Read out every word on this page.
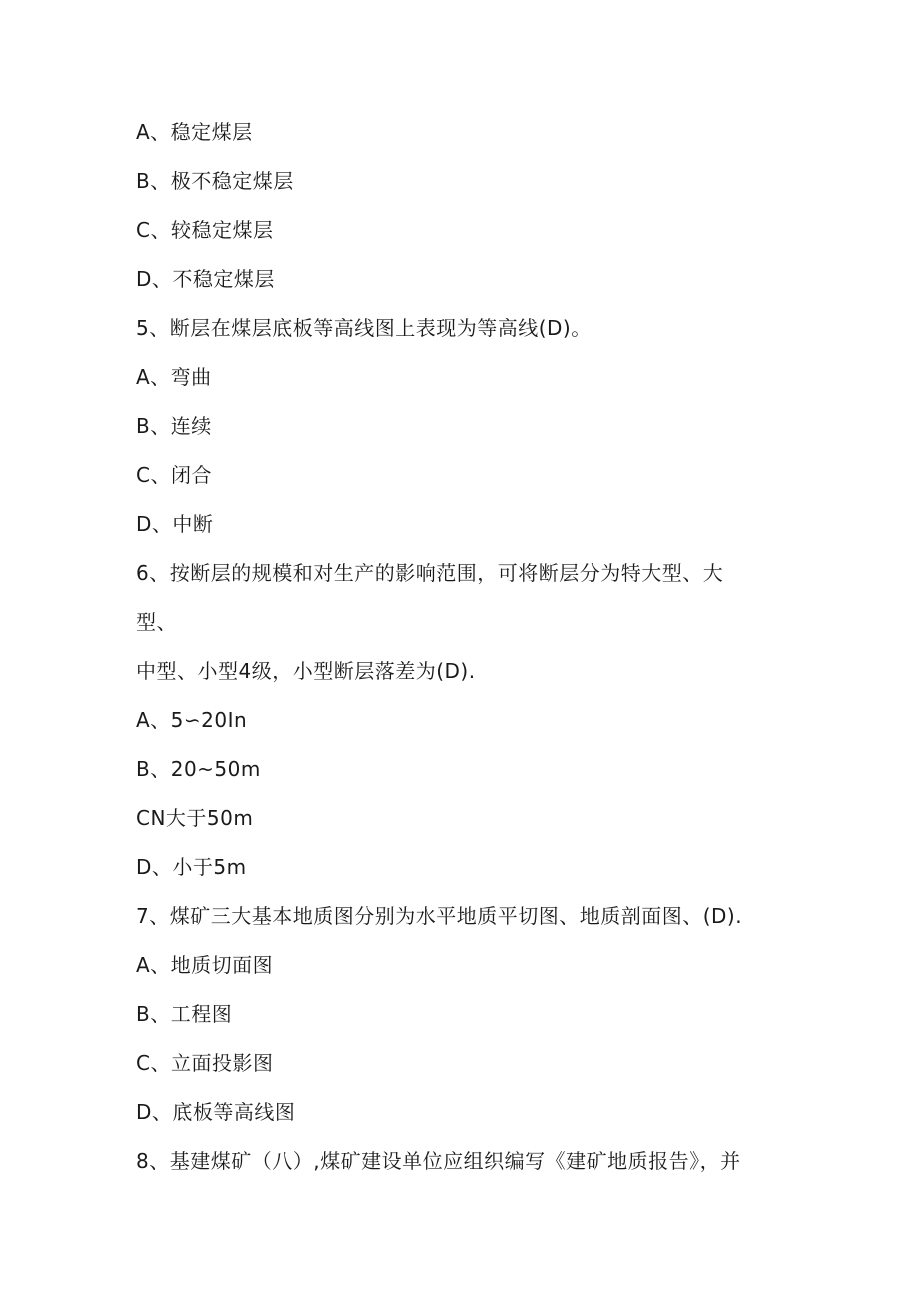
A、稳定煤层
B、极不稳定煤层
C、较稳定煤层
D、不稳定煤层
5、断层在煤层底板等高线图上表现为等高线(D)。
A、弯曲
B、连续
C、闭合
D、中断
6、按断层的规模和对生产的影响范围，可将断层分为特大型、大
型、
中型、小型4级，小型断层落差为(D).
A、5∽20In
B、20~50m
CN大于50m
D、小于5m
7、煤矿三大基本地质图分别为水平地质平切图、地质剖面图、(D).
A、地质切面图
B、工程图
C、立面投影图
D、底板等高线图
8、基建煤矿（八）,煤矿建设单位应组织编写《建矿地质报告》，并
